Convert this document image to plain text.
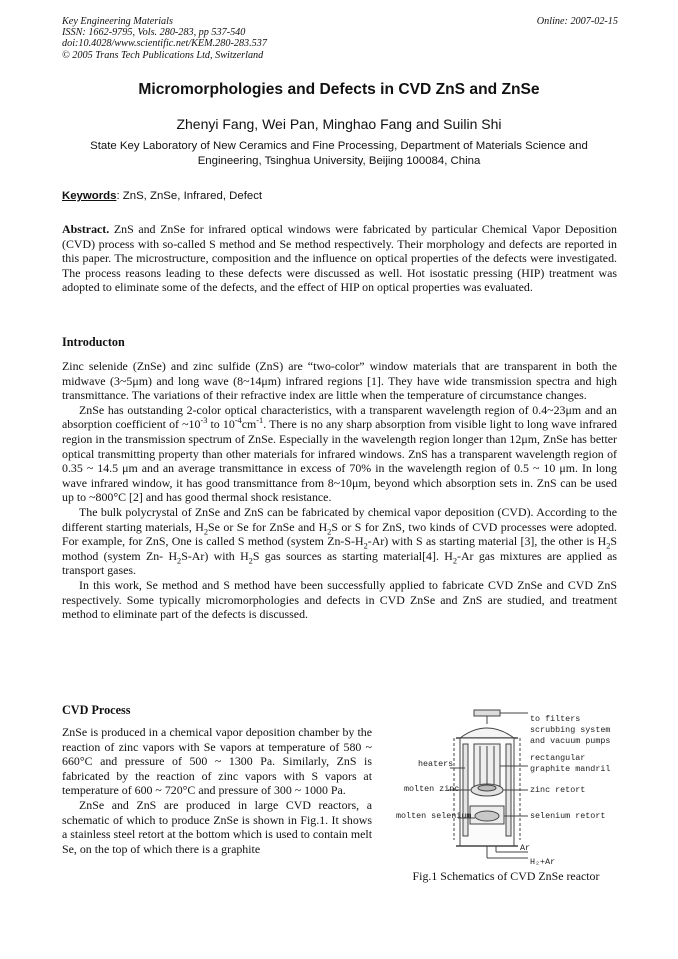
Key Engineering Materials
ISSN: 1662-9795, Vols. 280-283, pp 537-540
doi:10.4028/www.scientific.net/KEM.280-283.537
© 2005 Trans Tech Publications Ltd, Switzerland
Online: 2007-02-15
Micromorphologies and Defects in CVD ZnS and ZnSe
Zhenyi Fang, Wei Pan, Minghao Fang and Suilin Shi
State Key Laboratory of New Ceramics and Fine Processing, Department of Materials Science and
Engineering, Tsinghua University, Beijing 100084, China
Keywords: ZnS, ZnSe, Infrared, Defect

Abstract. ZnS and ZnSe for infrared optical windows were fabricated by particular Chemical Vapor Deposition (CVD) process with so-called S method and Se method respectively. Their morphology and defects are reported in this paper. The microstructure, composition and the influence on optical properties of the defects were investigated. The process reasons leading to these defects were discussed as well. Hot isostatic pressing (HIP) treatment was adopted to eliminate some of the defects, and the effect of HIP on optical properties was evaluated.

Introducton

Zinc selenide (ZnSe) and zinc sulfide (ZnS) are “two-color” window materials that are transparent in both the midwave (3~5μm) and long wave (8~14μm) infrared regions [1]. They have wide transmission spectra and high transmittance. The variations of their refractive index are little when the temperature of circumstance changes.

ZnSe has outstanding 2-color optical characteristics, with a transparent wavelength region of 0.4~23μm and an absorption coefficient of $\sim 10^{-3}$ to $10^{-4}cm^{-1}$. There is no any sharp absorption from visible light to long wave infrared region in the transmission spectrum of ZnSe. Especially in the wavelength region longer than 12μm, ZnSe has better optical transmitting property than other materials for infrared windows. ZnS has a transparent wavelength region of 0.35 ~ 14.5 μm and an average transmittance in excess of 70% in the wavelength region of 0.5 ~ 10 μm. In long wave infrared window, it has good transmittance from 8~10μm, beyond which absorption sets in. ZnS can be used up to ~800°C [2] and has good thermal shock resistance.

The bulk polycrystal of ZnSe and ZnS can be fabricated by chemical vapor deposition (CVD). According to the different starting materials, $H_2Se$ or Se for ZnSe and $H_2S$ or S for ZnS, two kinds of CVD processes were adopted. For example, for ZnS, One is called S method (system $Zn-S-H_2-Ar$) with S as starting material [3], the other is $H_2S$ mothod (system Zn- $H_2S-Ar$) with $H_2S$ gas sources as starting material[4]. $H_2-Ar$ gas mixtures are applied as transport gases.

In this work, Se method and S method have been successfully applied to fabricate CVD ZnSe and CVD ZnS respectively. Some typically micromorphologies and defects in CVD ZnSe and ZnS are studied, and treatment method to eliminate part of the defects is discussed.

CVD Process

ZnSe is produced in a chemical vapor deposition chamber by the reaction of zinc vapors with Se vapors at temperature of 580 ~ 660°C and pressure of 500 ~ 1300 Pa. Similarly, ZnS is fabricated by the reaction of zinc vapors with S vapors at temperature of 600 ~ 720°C and pressure of 300 ~ 1000 Pa.

ZnSe and ZnS are produced in large CVD reactors, a schematic of which to produce ZnSe is shown in Fig.1. It shows a stainless steel retort at the bottom which is used to contain melt Se, on the top of which there is a graphite

to filters
scrubbing system
and vacuum pumps
heaters
rectangular
graphite mandril
molten zinc	zinc retort
molten selenium	selenium retort
Ar
H₂+Ar
Fig.1 Schematics of CVD ZnSe reactor
